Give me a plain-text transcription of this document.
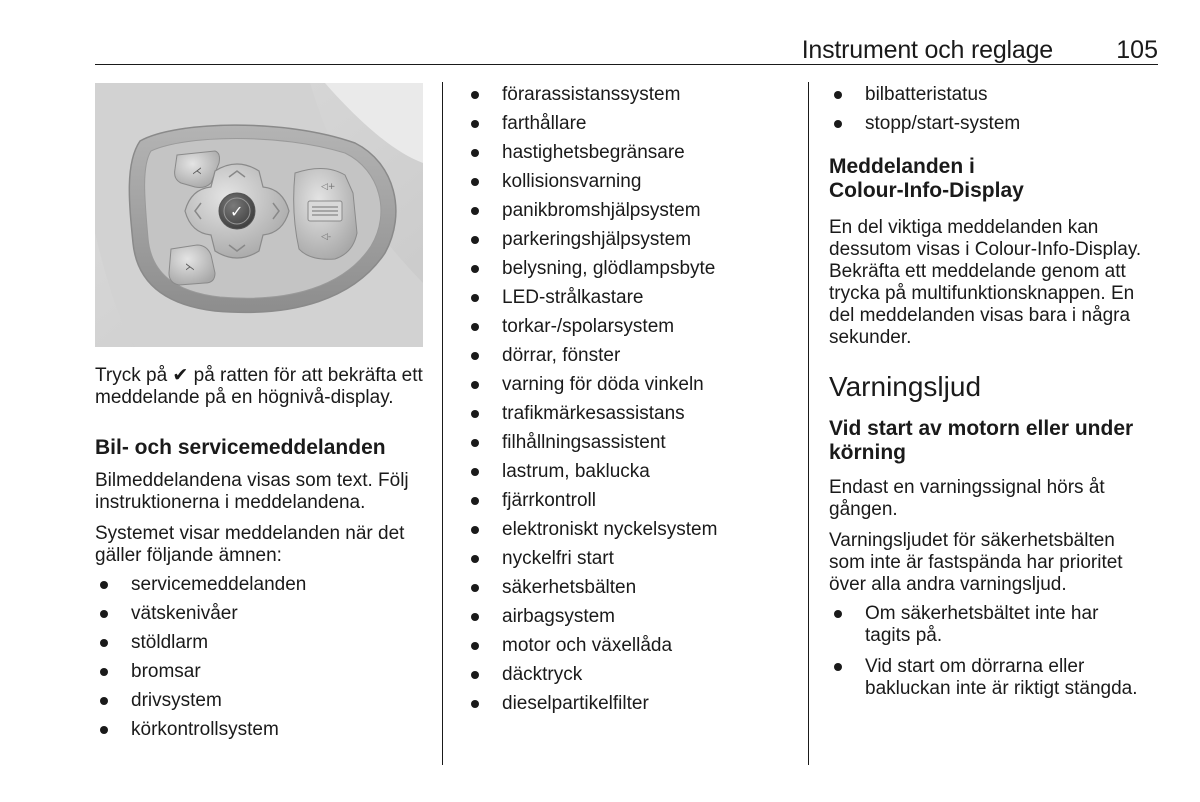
Instrument och reglage	105
⋌
⋋
✓
◁+
◁-

Tryck på ✔ på ratten för att bekräfta ett meddelande på en högnivå-display.

Bil- och servicemeddelanden

Bilmeddelandena visas som text. Följ instruktionerna i meddelandena.

Systemet visar meddelanden när det gäller följande ämnen:

servicemeddelanden
vätskenivåer
stöldlarm
bromsar
drivsystem
körkontrollsystem
förarassistanssystem
farthållare
hastighetsbegränsare
kollisionsvarning
panikbromshjälpsystem
parkeringshjälpsystem
belysning, glödlampsbyte
LED-strålkastare
torkar-/spolarsystem
dörrar, fönster
varning för döda vinkeln
trafikmärkesassistans
filhållningsassistent
lastrum, baklucka
fjärrkontroll
elektroniskt nyckelsystem
nyckelfri start
säkerhetsbälten
airbagsystem
motor och växellåda
däcktryck
dieselpartikelfilter
bilbatteristatus
stopp/start-system

Meddelanden i
Colour-Info-Display

En del viktiga meddelanden kan dessutom visas i Colour-Info-Display. Bekräfta ett meddelande genom att trycka på multifunktionsknappen. En del meddelanden visas bara i några sekunder.

Varningsljud

Vid start av motorn eller under körning

Endast en varningssignal hörs åt gången.

Varningsljudet för säkerhetsbälten som inte är fastspända har prioritet över alla andra varningsljud.

Om säkerhetsbältet inte har tagits på.
Vid start om dörrarna eller bakluckan inte är riktigt stängda.
